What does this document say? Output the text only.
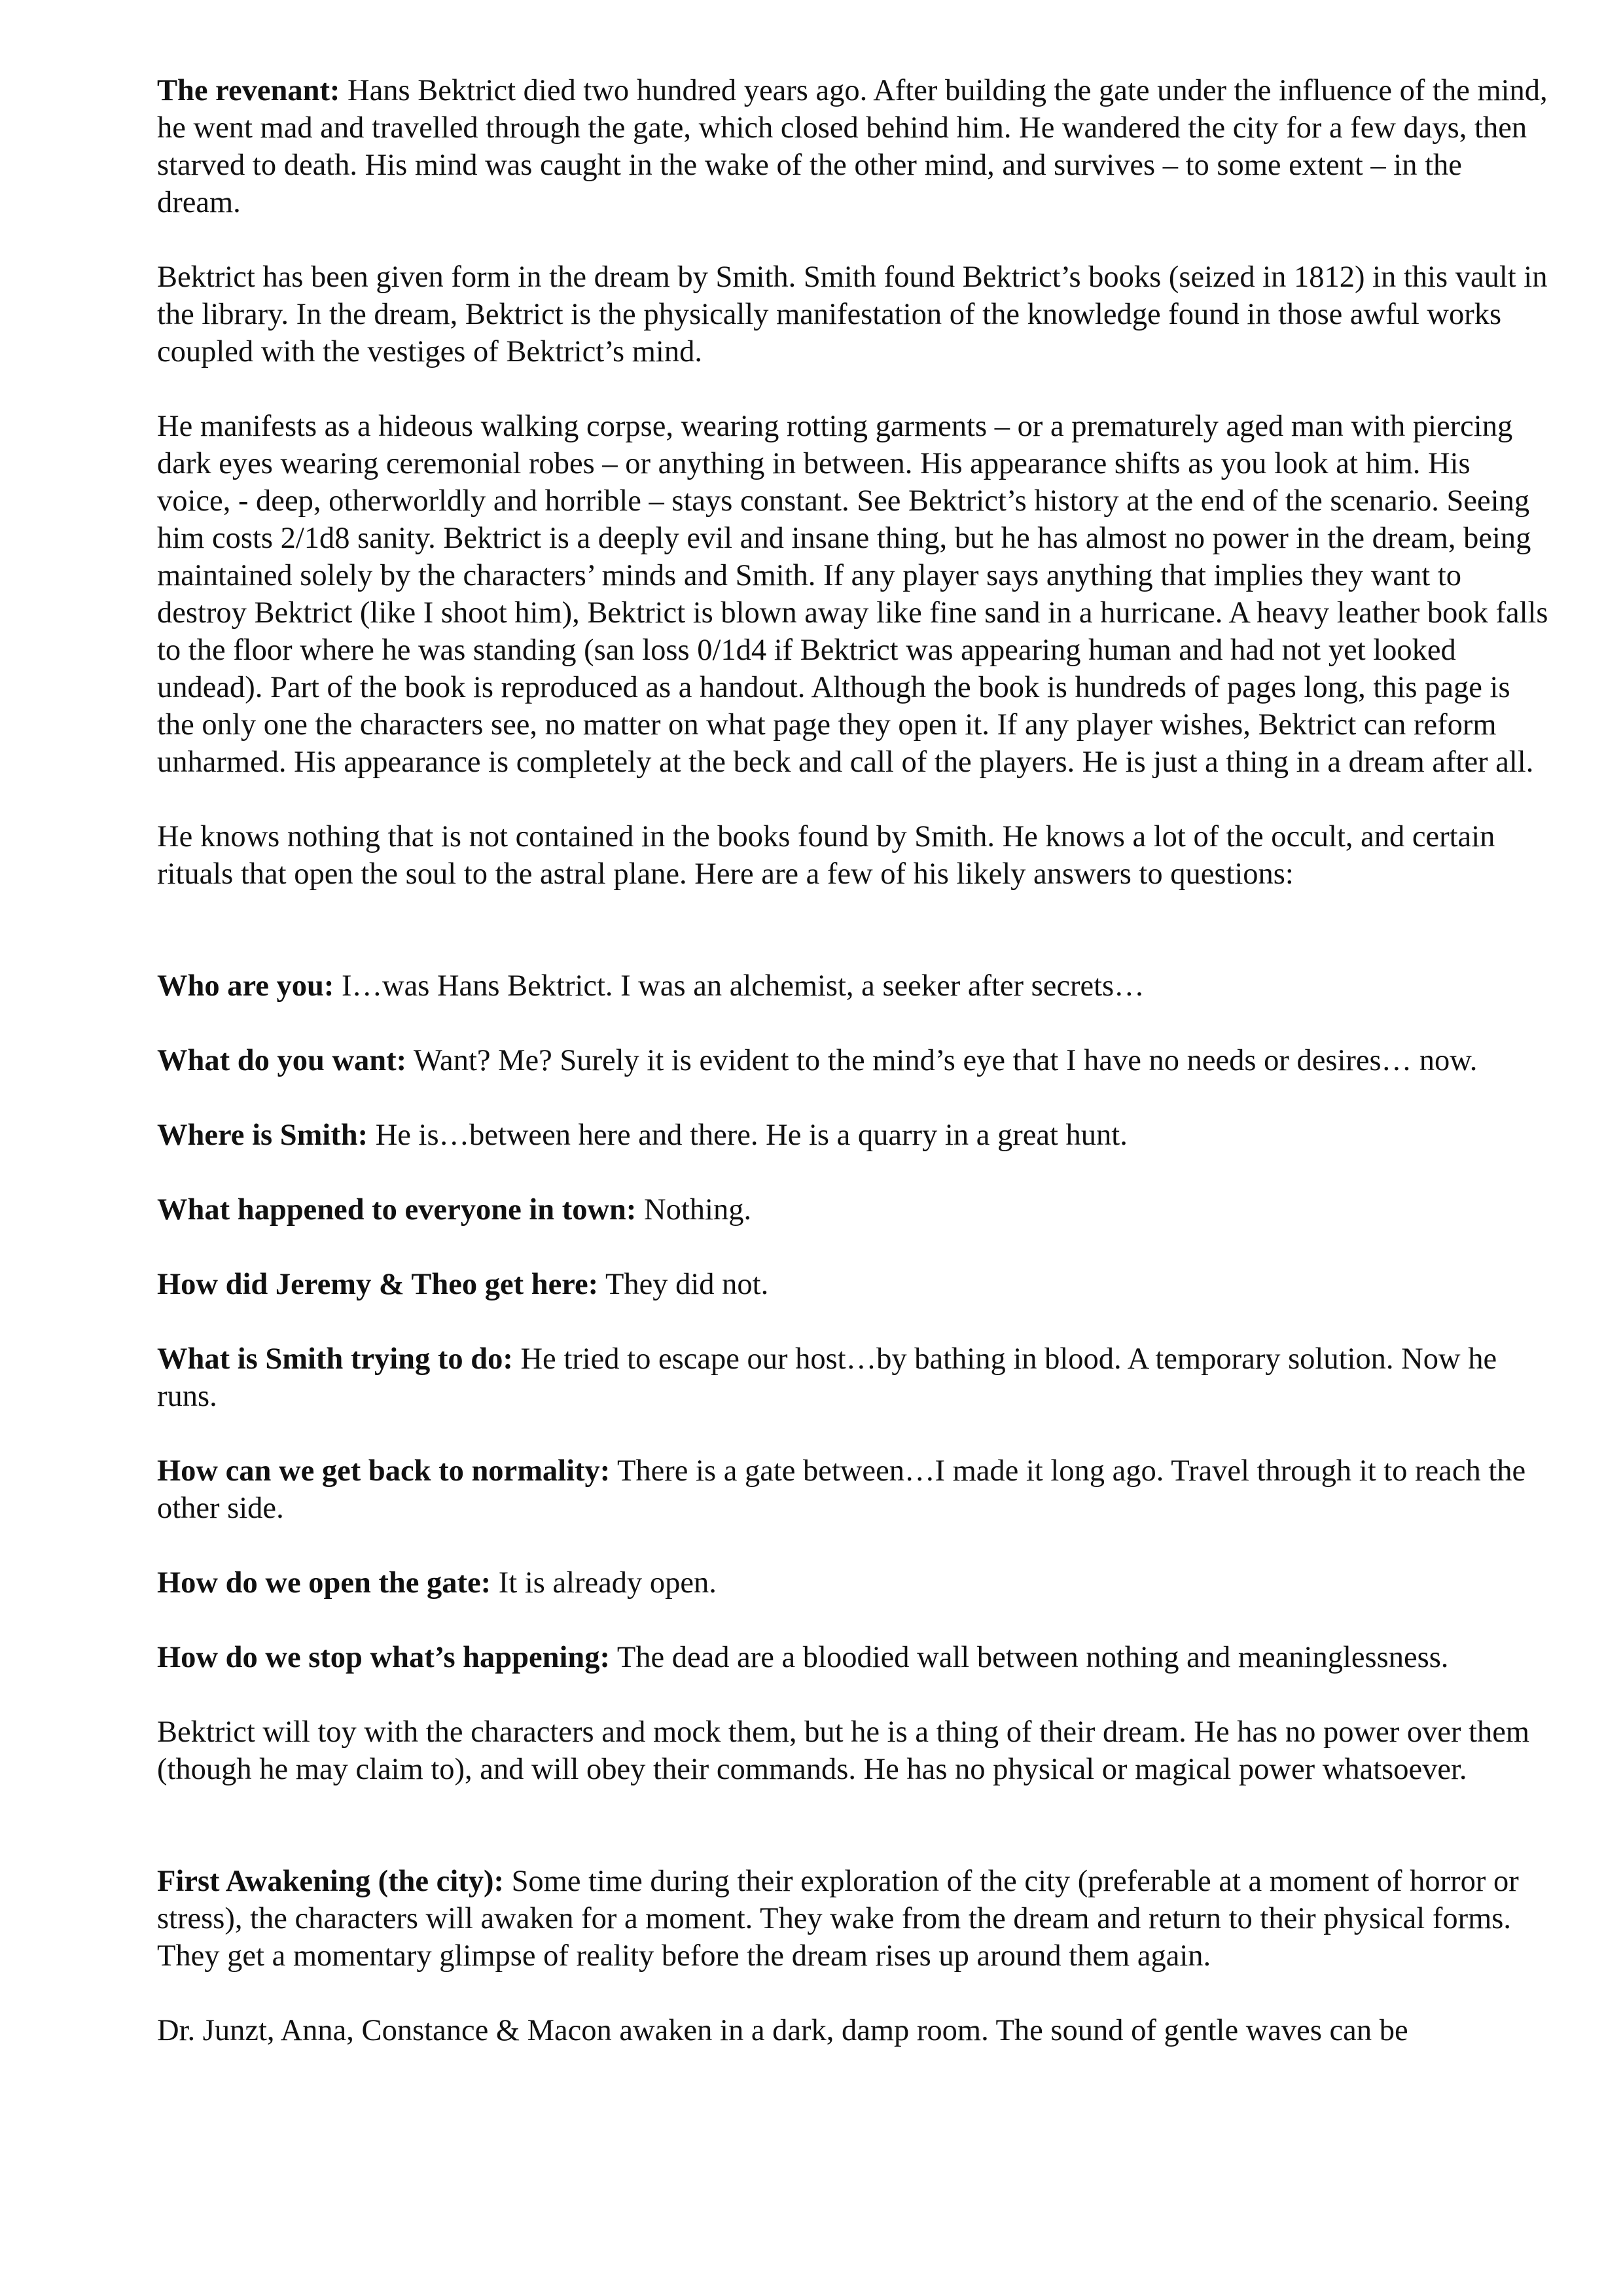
The revenant: Hans Bektrict died two hundred years ago. After building the gate under the influence of the mind, he went mad and travelled through the gate, which closed behind him. He wandered the city for a few days, then starved to death. His mind was caught in the wake of the other mind, and survives – to some extent – in the dream.

Bektrict has been given form in the dream by Smith. Smith found Bektrict’s books (seized in 1812) in this vault in the library. In the dream, Bektrict is the physically manifestation of the knowledge found in those awful works coupled with the vestiges of Bektrict’s mind.

He manifests as a hideous walking corpse, wearing rotting garments – or a prematurely aged man with piercing dark eyes wearing ceremonial robes – or anything in between. His appearance shifts as you look at him. His voice, - deep, otherworldly and horrible – stays constant. See Bektrict’s history at the end of the scenario. Seeing him costs 2/1d8 sanity. Bektrict is a deeply evil and insane thing, but he has almost no power in the dream, being maintained solely by the characters’ minds and Smith. If any player says anything that implies they want to destroy Bektrict (like I shoot him), Bektrict is blown away like fine sand in a hurricane. A heavy leather book falls to the floor where he was standing (san loss 0/1d4 if Bektrict was appearing human and had not yet looked undead). Part of the book is reproduced as a handout. Although the book is hundreds of pages long, this page is the only one the characters see, no matter on what page they open it. If any player wishes, Bektrict can reform unharmed. His appearance is completely at the beck and call of the players. He is just a thing in a dream after all.

He knows nothing that is not contained in the books found by Smith. He knows a lot of the occult, and certain rituals that open the soul to the astral plane. Here are a few of his likely answers to questions:

Who are you: I…was Hans Bektrict. I was an alchemist, a seeker after secrets…

What do you want: Want? Me? Surely it is evident to the mind’s eye that I have no needs or desires… now.

Where is Smith: He is…between here and there. He is a quarry in a great hunt.

What happened to everyone in town: Nothing.

How did Jeremy & Theo get here: They did not.

What is Smith trying to do: He tried to escape our host…by bathing in blood. A temporary solution. Now he runs.

How can we get back to normality: There is a gate between…I made it long ago. Travel through it to reach the other side.

How do we open the gate: It is already open.

How do we stop what’s happening: The dead are a bloodied wall between nothing and meaninglessness.

Bektrict will toy with the characters and mock them, but he is a thing of their dream. He has no power over them (though he may claim to), and will obey their commands. He has no physical or magical power whatsoever.

First Awakening (the city): Some time during their exploration of the city (preferable at a moment of horror or stress), the characters will awaken for a moment. They wake from the dream and return to their physical forms. They get a momentary glimpse of reality before the dream rises up around them again.

Dr. Junzt, Anna, Constance & Macon awaken in a dark, damp room. The sound of gentle waves can be
